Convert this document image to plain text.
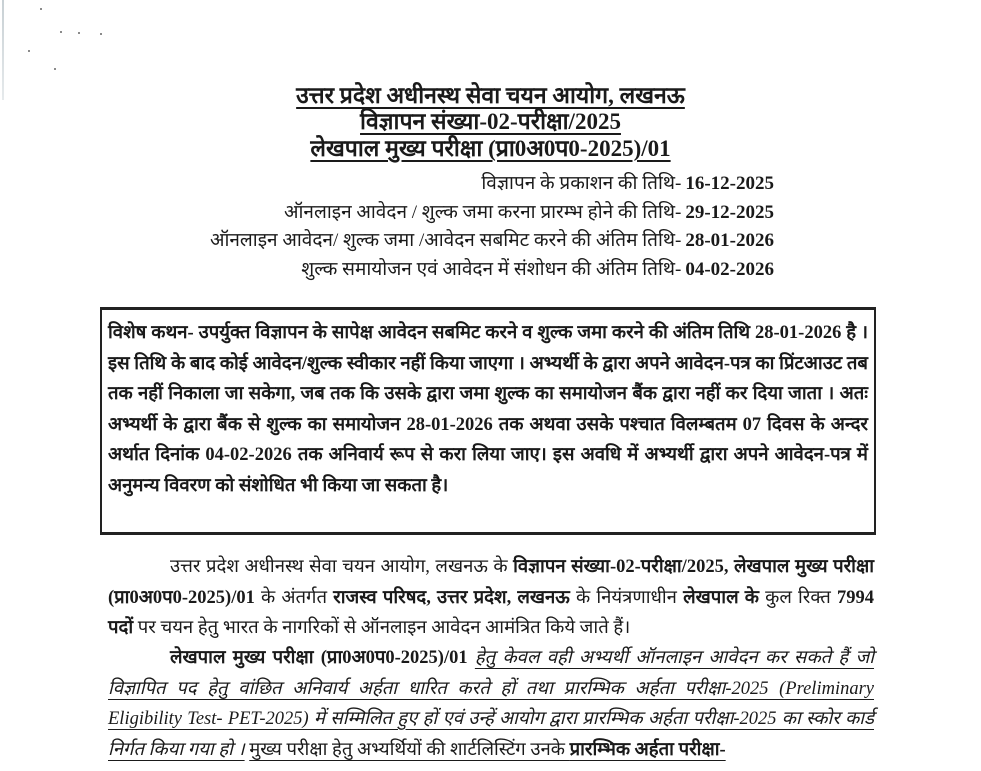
उत्तर प्रदेश अधीनस्थ सेवा चयन आयोग, लखनऊ
विज्ञापन संख्या-02-परीक्षा/2025
लेखपाल मुख्य परीक्षा (प्रा0अ0प0-2025)/01
विज्ञापन के प्रकाशन की तिथि- 16-12-2025
ऑनलाइन आवेदन / शुल्क जमा करना प्रारम्भ होने की तिथि- 29-12-2025
ऑनलाइन आवेदन/ शुल्क जमा /आवेदन सबमिट करने की अंतिम तिथि- 28-01-2026
शुल्क समायोजन एवं आवेदन में संशोधन की अंतिम तिथि- 04-02-2026

विशेष कथन- उपर्युक्त विज्ञापन के सापेक्ष आवेदन सबमिट करने व शुल्क जमा करने की अंतिम तिथि 28-01-2026 है । इस तिथि के बाद कोई आवेदन/शुल्क स्वीकार नहीं किया जाएगा । अभ्यर्थी के द्वारा अपने आवेदन-पत्र का प्रिंटआउट तब तक नहीं निकाला जा सकेगा, जब तक कि उसके द्वारा जमा शुल्क का समायोजन बैंक द्वारा नहीं कर दिया जाता । अतः अभ्यर्थी के द्वारा बैंक से शुल्क का समायोजन 28-01-2026 तक अथवा उसके पश्चात विलम्बतम 07 दिवस के अन्दर अर्थात दिनांक 04-02-2026 तक अनिवार्य रूप से करा लिया जाए। इस अवधि में अभ्यर्थी द्वारा अपने आवेदन-पत्र में अनुमन्य विवरण को संशोधित भी किया जा सकता है।

उत्तर प्रदेश अधीनस्थ सेवा चयन आयोग, लखनऊ के विज्ञापन संख्या-02-परीक्षा/2025, लेखपाल मुख्य परीक्षा (प्रा0अ0प0-2025)/01 के अंतर्गत राजस्व परिषद, उत्तर प्रदेश, लखनऊ के नियंत्रणाधीन लेखपाल के कुल रिक्त 7994 पदों पर चयन हेतु भारत के नागरिकों से ऑनलाइन आवेदन आमंत्रित किये जाते हैं।

लेखपाल मुख्य परीक्षा (प्रा0अ0प0-2025)/01 हेतु केवल वही अभ्यर्थी ऑनलाइन आवेदन कर सकते हैं जो विज्ञापित पद हेतु वांछित अनिवार्य अर्हता धारित करते हों तथा प्रारम्भिक अर्हता परीक्षा-2025 (Preliminary Eligibility Test- PET-2025) में सम्मिलित हुए हों एवं उन्हें आयोग द्वारा प्रारम्भिक अर्हता परीक्षा-2025 का स्कोर कार्ड निर्गत किया गया हो । मुख्य परीक्षा हेतु अभ्यर्थियों की शार्टलिस्टिंग उनके प्रारम्भिक अर्हता परीक्षा-
